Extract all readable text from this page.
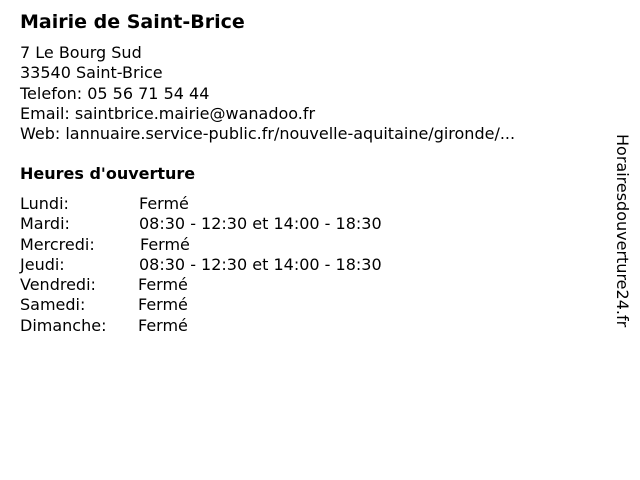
Mairie de Saint-Brice
7 Le Bourg Sud
33540 Saint-Brice
Telefon: 05 56 71 54 44
Email: saintbrice.mairie@wanadoo.fr
Web: lannuaire.service-public.fr/nouvelle-aquitaine/gironde/...
Heures d'ouverture
Lundi:	Fermé
Mardi:	08:30 - 12:30 et 14:00 - 18:30
Mercredi:	Fermé
Jeudi:	08:30 - 12:30 et 14:00 - 18:30
Vendredi:	Fermé
Samedi:	Fermé
Dimanche: Fermé	Horairesdouverture24.fr
